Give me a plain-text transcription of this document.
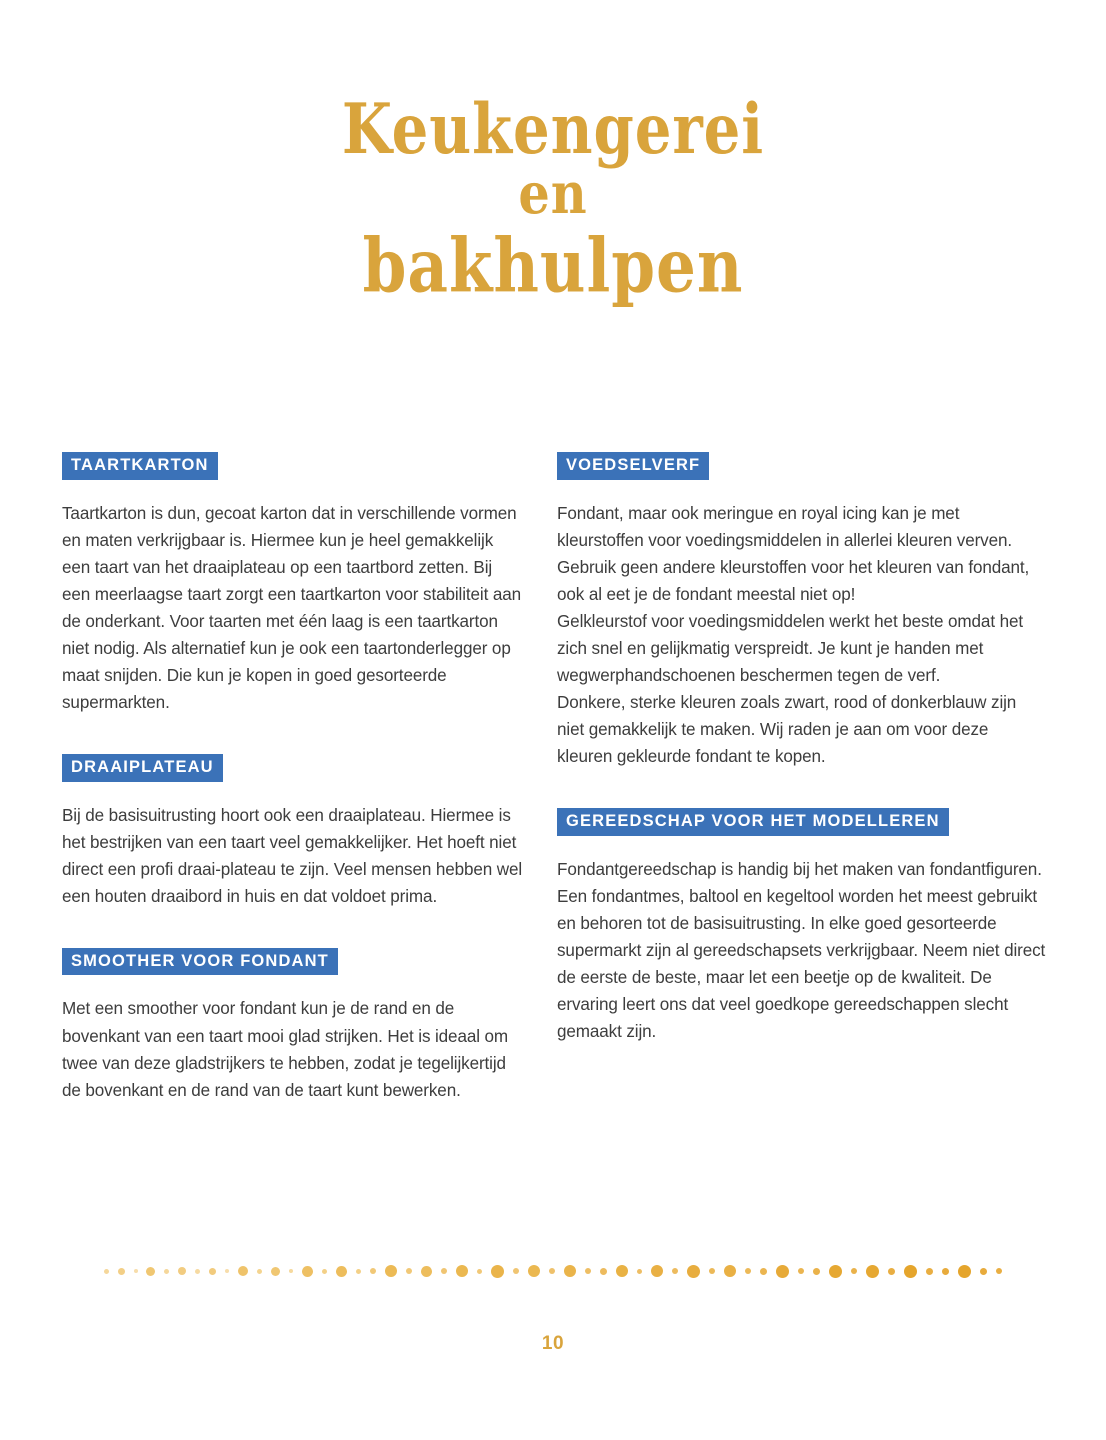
Keukengerei
en
bakhulpen
TAARTKARTON

Taartkarton is dun, gecoat karton dat in verschillende vormen en maten verkrijgbaar is. Hiermee kun je heel gemakkelijk een taart van het draaiplateau op een taartbord zetten. Bij een meerlaagse taart zorgt een taartkarton voor stabiliteit aan de onderkant. Voor taarten met één laag is een taartkarton niet nodig. Als alternatief kun je ook een taartonderlegger op maat snijden. Die kun je kopen in goed gesorteerde supermarkten.

DRAAIPLATEAU

Bij de basisuitrusting hoort ook een draaiplateau. Hiermee is het bestrijken van een taart veel gemakkelijker. Het hoeft niet direct een profi draai-plateau te zijn. Veel mensen hebben wel een houten draaibord in huis en dat voldoet prima.

SMOOTHER VOOR FONDANT

Met een smoother voor fondant kun je de rand en de bovenkant van een taart mooi glad strijken. Het is ideaal om twee van deze gladstrijkers te hebben, zodat je tegelijkertijd de bovenkant en de rand van de taart kunt bewerken.

VOEDSELVERF

Fondant, maar ook meringue en royal icing kan je met kleurstoffen voor voedingsmiddelen in allerlei kleuren verven. Gebruik geen andere kleurstoffen voor het kleuren van fondant, ook al eet je de fondant meestal niet op!

Gelkleurstof voor voedingsmiddelen werkt het beste omdat het zich snel en gelijkmatig verspreidt. Je kunt je handen met wegwerphandschoenen beschermen tegen de verf.

Donkere, sterke kleuren zoals zwart, rood of donkerblauw zijn niet gemakkelijk te maken. Wij raden je aan om voor deze kleuren gekleurde fondant te kopen.

GEREEDSCHAP VOOR HET MODELLEREN

Fondantgereedschap is handig bij het maken van fondantfiguren. Een fondantmes, baltool en kegeltool worden het meest gebruikt en behoren tot de basisuitrusting. In elke goed gesorteerde supermarkt zijn al gereedschapsets verkrijgbaar. Neem niet direct de eerste de beste, maar let een beetje op de kwaliteit. De ervaring leert ons dat veel goedkope gereedschappen slecht gemaakt zijn.

10
